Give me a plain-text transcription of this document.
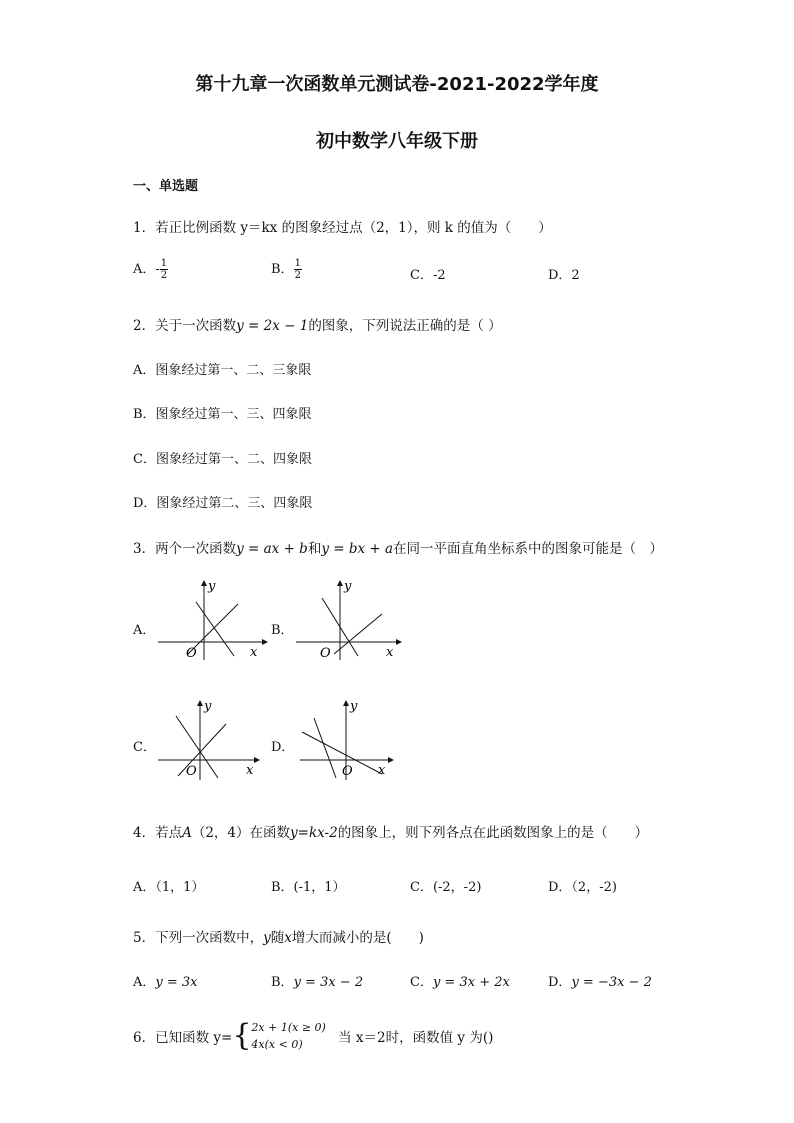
第十九章一次函数单元测试卷-2021-2022学年度
初中数学八年级下册
一、单选题
1．若正比例函数 y＝kx 的图象经过点（2，1），则 k 的值为（　　）
A．- $\frac{1}{2}$	B． $\frac{1}{2}$	C．-2	D．2
2．关于一次函数y = 2x − 1的图象，下列说法正确的是（ ）
A．图象经过第一、二、三象限
B．图象经过第一、三、四象限
C．图象经过第一、二、四象限
D．图象经过第二、三、四象限
3．两个一次函数y = ax + b和y = bx + a在同一平面直角坐标系中的图象可能是（　）
A．
y
x
O
B．
y
x
O
C．
y
x
O
D．
y
x
O
4．若点A（2，4）在函数y=kx-2的图象上，则下列各点在此函数图象上的是（　　）
A．（1，1）	B．(-1，1）	C．(-2，-2)	D．（2，-2)
5．下列一次函数中，y随x增大而减小的是(　　)
A．y = 3x	B．y = 3x − 2	C．y = 3x + 2x	D．y = −3x − 2
6．已知函数 y={ 2x + 1(x ≥ 0)
4x(x < 0)	当 x＝2时，函数值 y 为()
